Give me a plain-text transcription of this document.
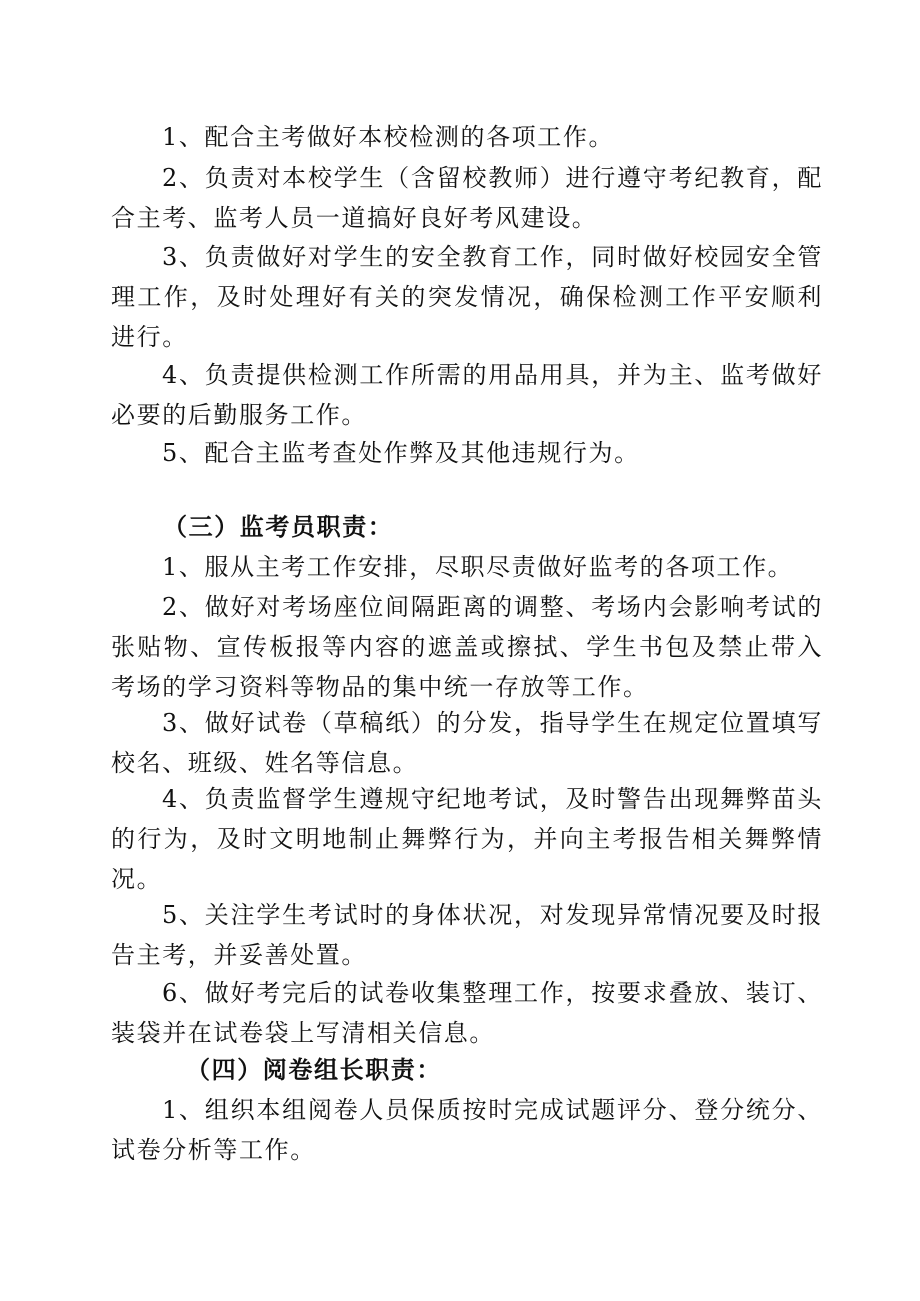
1、配合主考做好本校检测的各项工作。

2、负责对本校学生（含留校教师）进行遵守考纪教育，配合主考、监考人员一道搞好良好考风建设。

3、负责做好对学生的安全教育工作，同时做好校园安全管理工作，及时处理好有关的突发情况，确保检测工作平安顺利进行。

4、负责提供检测工作所需的用品用具，并为主、监考做好必要的后勤服务工作。

5、配合主监考查处作弊及其他违规行为。

（三）监考员职责：

1、服从主考工作安排，尽职尽责做好监考的各项工作。

2、做好对考场座位间隔距离的调整、考场内会影响考试的张贴物、宣传板报等内容的遮盖或擦拭、学生书包及禁止带入考场的学习资料等物品的集中统一存放等工作。

3、做好试卷（草稿纸）的分发，指导学生在规定位置填写校名、班级、姓名等信息。

4、负责监督学生遵规守纪地考试，及时警告出现舞弊苗头的行为，及时文明地制止舞弊行为，并向主考报告相关舞弊情况。

5、关注学生考试时的身体状况，对发现异常情况要及时报告主考，并妥善处置。

6、做好考完后的试卷收集整理工作，按要求叠放、装订、装袋并在试卷袋上写清相关信息。

（四）阅卷组长职责：

1、组织本组阅卷人员保质按时完成试题评分、登分统分、试卷分析等工作。
